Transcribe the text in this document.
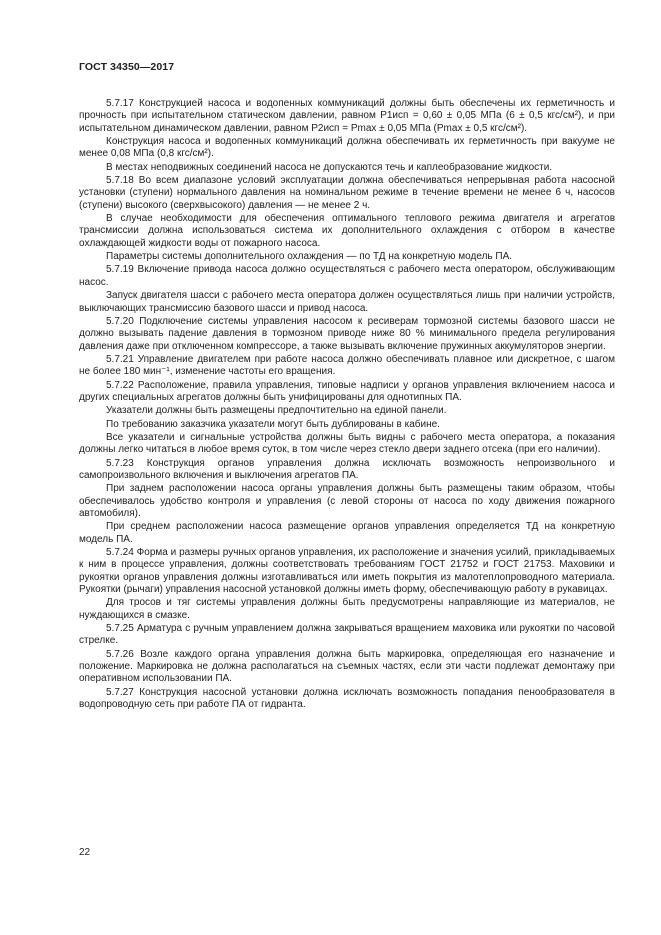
ГОСТ 34350—2017

5.7.17 Конструкцией насоса и водопенных коммуникаций должны быть обеспечены их герметичность и прочность при испытательном статическом давлении, равном P1исп = 0,60 ± 0,05 МПа (6 ± 0,5 кгс/см²), и при испытательном динамическом давлении, равном P2исп = Pmax ± 0,05 МПа (Pmax ± 0,5 кгс/см²).

Конструкция насоса и водопенных коммуникаций должна обеспечивать их герметичность при вакууме не менее 0,08 МПа (0,8 кгс/см²).

В местах неподвижных соединений насоса не допускаются течь и каплеобразование жидкости.

5.7.18 Во всем диапазоне условий эксплуатации должна обеспечиваться непрерывная работа насосной установки (ступени) нормального давления на номинальном режиме в течение времени не менее 6 ч, насосов (ступени) высокого (сверхвысокого) давления — не менее 2 ч.

В случае необходимости для обеспечения оптимального теплового режима двигателя и агрегатов трансмиссии должна использоваться система их дополнительного охлаждения с отбором в качестве охлаждающей жидкости воды от пожарного насоса.

Параметры системы дополнительного охлаждения — по ТД на конкретную модель ПА.

5.7.19 Включение привода насоса должно осуществляться с рабочего места оператором, обслуживающим насос.

Запуск двигателя шасси с рабочего места оператора должен осуществляться лишь при наличии устройств, выключающих трансмиссию базового шасси и привод насоса.

5.7.20 Подключение системы управления насосом к ресиверам тормозной системы базового шасси не должно вызывать падение давления в тормозном приводе ниже 80 % минимального предела регулирования давления даже при отключенном компрессоре, а также вызывать включение пружинных аккумуляторов энергии.

5.7.21 Управление двигателем при работе насоса должно обеспечивать плавное или дискретное, с шагом не более 180 мин⁻¹, изменение частоты его вращения.

5.7.22 Расположение, правила управления, типовые надписи у органов управления включением насоса и других специальных агрегатов должны быть унифицированы для однотипных ПА.

Указатели должны быть размещены предпочтительно на единой панели.

По требованию заказчика указатели могут быть дублированы в кабине.

Все указатели и сигнальные устройства должны быть видны с рабочего места оператора, а показания должны легко читаться в любое время суток, в том числе через стекло двери заднего отсека (при его наличии).

5.7.23 Конструкция органов управления должна исключать возможность непроизвольного и самопроизвольного включения и выключения агрегатов ПА.

При заднем расположении насоса органы управления должны быть размещены таким образом, чтобы обеспечивалось удобство контроля и управления (с левой стороны от насоса по ходу движения пожарного автомобиля).

При среднем расположении насоса размещение органов управления определяется ТД на конкретную модель ПА.

5.7.24 Форма и размеры ручных органов управления, их расположение и значения усилий, прикладываемых к ним в процессе управления, должны соответствовать требованиям ГОСТ 21752 и ГОСТ 21753. Маховики и рукоятки органов управления должны изготавливаться или иметь покрытия из малотеплопроводного материала. Рукоятки (рычаги) управления насосной установкой должны иметь форму, обеспечивающую работу в рукавицах.

Для тросов и тяг системы управления должны быть предусмотрены направляющие из материалов, не нуждающихся в смазке.

5.7.25 Арматура с ручным управлением должна закрываться вращением маховика или рукоятки по часовой стрелке.

5.7.26 Возле каждого органа управления должна быть маркировка, определяющая его назначение и положение. Маркировка не должна располагаться на съемных частях, если эти части подлежат демонтажу при оперативном использовании ПА.

5.7.27 Конструкция насосной установки должна исключать возможность попадания пенообразователя в водопроводную сеть при работе ПА от гидранта.

22
